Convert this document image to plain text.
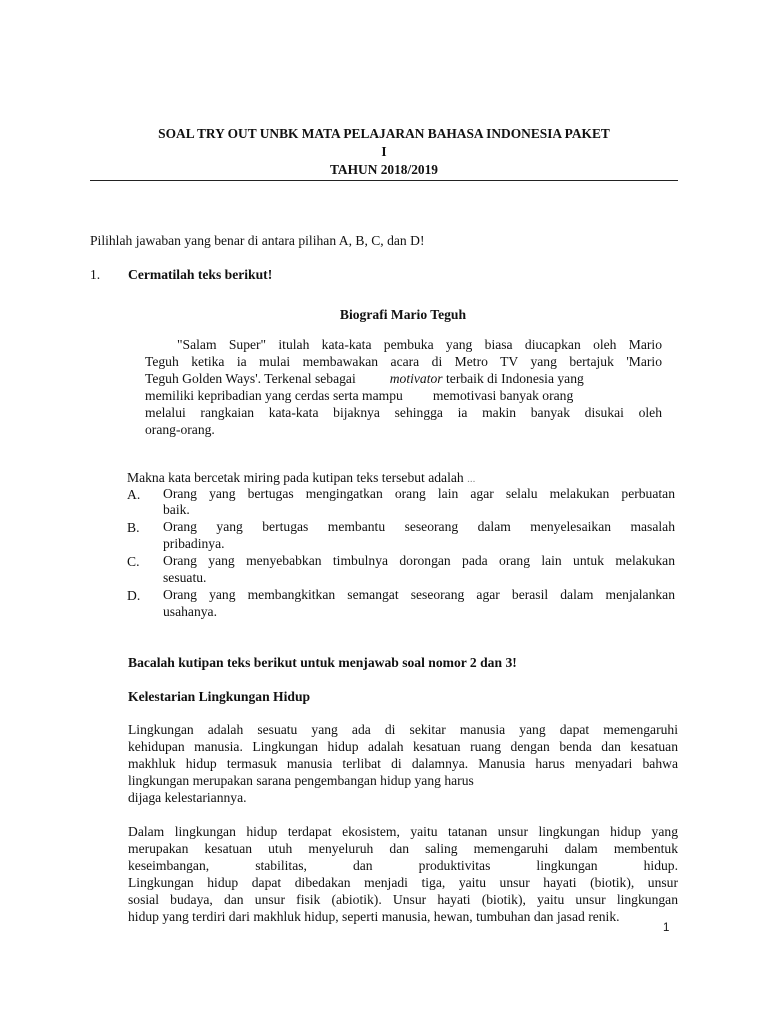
SOAL TRY OUT UNBK MATA PELAJARAN BAHASA INDONESIA PAKET
I
TAHUN 2018/2019
Pilihlah jawaban yang benar di antara pilihan A, B, C, dan D!
1. Cermatilah teks berikut!
Biografi Mario Teguh
"Salam Super" itulah kata-kata pembuka yang biasa diucapkan oleh Mario
Teguh ketika ia mulai membawakan acara di Metro TV yang bertajuk 'Mario
Teguh Golden Ways'. Terkenal sebagai	motivator terbaik di Indonesia yang
memiliki kepribadian yang cerdas serta mampu memotivasi banyak orang
melalui rangkaian kata-kata bijaknya sehingga ia makin banyak disukai oleh
orang-orang.
Makna kata bercetak miring pada kutipan teks tersebut adalah ...
A. Orang yang bertugas mengingatkan orang lain agar selalu melakukan perbuatan
baik.
B. Orang yang bertugas membantu seseorang dalam menyelesaikan masalah
pribadinya.
C. Orang yang menyebabkan timbulnya dorongan pada orang lain untuk melakukan
sesuatu.
D. Orang yang membangkitkan semangat seseorang agar berasil dalam menjalankan
usahanya.
Bacalah kutipan teks berikut untuk menjawab soal nomor 2 dan 3!
Kelestarian Lingkungan Hidup
Lingkungan adalah sesuatu yang ada di sekitar manusia yang dapat memengaruhi
kehidupan manusia. Lingkungan hidup adalah kesatuan ruang dengan benda dan kesatuan
makhluk hidup termasuk manusia terlibat di dalamnya. Manusia harus menyadari bahwa
lingkungan merupakan sarana pengembangan hidup yang harus
dijaga kelestariannya.
Dalam lingkungan hidup terdapat ekosistem, yaitu tatanan unsur lingkungan hidup yang
merupakan kesatuan utuh menyeluruh dan saling memengaruhi dalam membentuk
keseimbangan,	stabilitas,	dan	produktivitas	lingkungan	hidup.
Lingkungan hidup dapat dibedakan menjadi tiga, yaitu unsur hayati (biotik), unsur
sosial budaya, dan unsur fisik (abiotik). Unsur hayati (biotik), yaitu unsur lingkungan
hidup yang terdiri dari makhluk hidup, seperti manusia, hewan, tumbuhan dan jasad renik.
1
